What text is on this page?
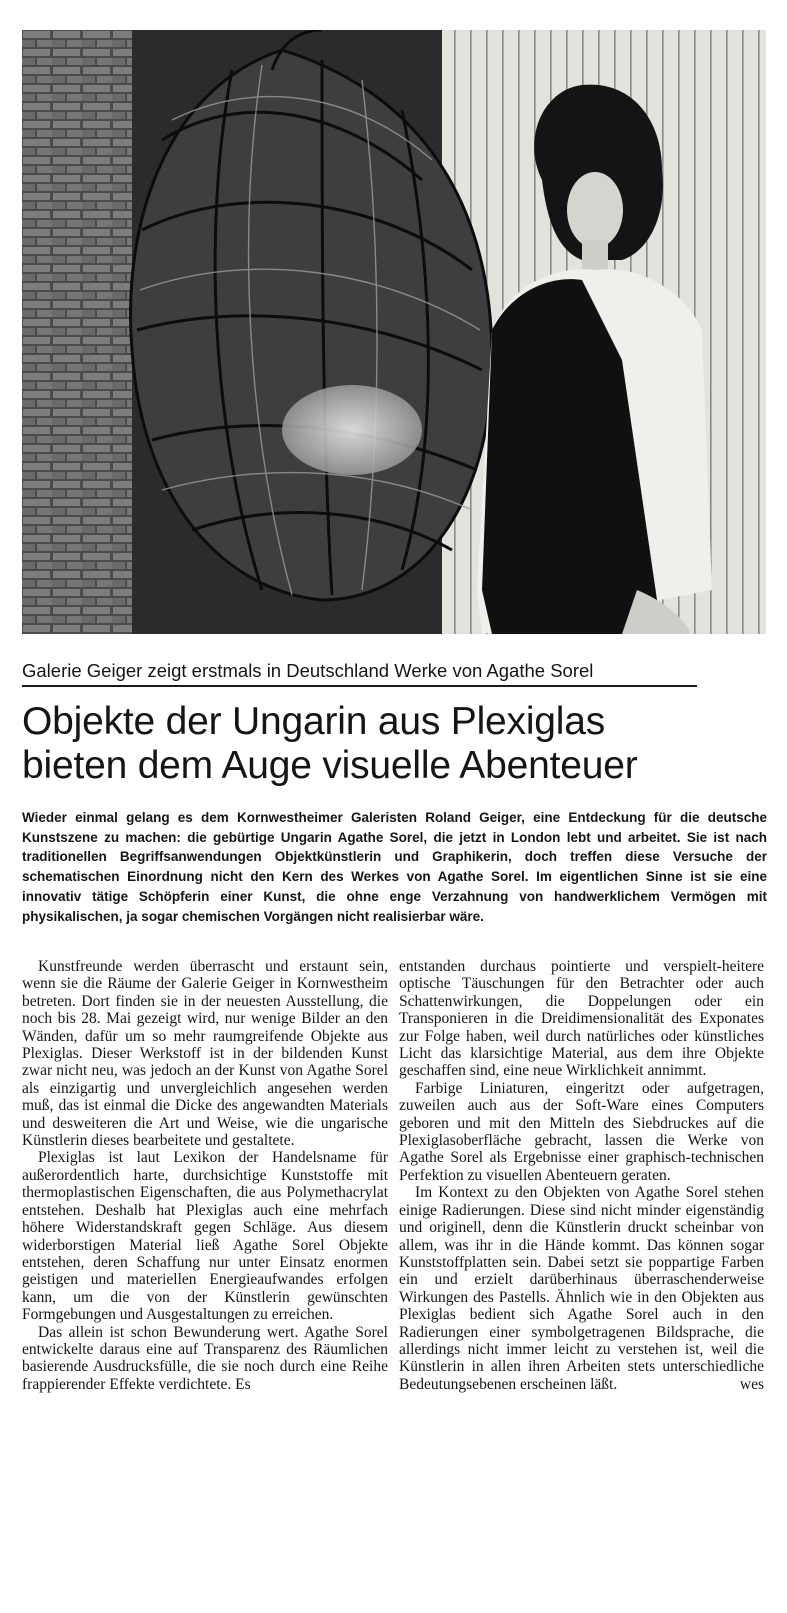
Galerie Geiger zeigt erstmals in Deutschland Werke von Agathe Sorel
Objekte der Ungarin aus Plexiglas
bieten dem Auge visuelle Abenteuer

Wieder einmal gelang es dem Kornwestheimer Galeristen Roland Geiger, eine Entdeckung für die deutsche Kunstszene zu machen: die gebürtige Ungarin Agathe Sorel, die jetzt in London lebt und arbeitet. Sie ist nach traditionellen Begriffsanwendungen Objektkünstlerin und Graphikerin, doch treffen diese Versuche der schematischen Einordnung nicht den Kern des Werkes von Agathe Sorel. Im eigentlichen Sinne ist sie eine innovativ tätige Schöpferin einer Kunst, die ohne enge Verzahnung von handwerklichem Vermögen mit physikalischen, ja sogar chemischen Vorgängen nicht realisierbar wäre.

Kunstfreunde werden überrascht und erstaunt sein, wenn sie die Räume der Galerie Geiger in Kornwestheim betreten. Dort finden sie in der neuesten Ausstellung, die noch bis 28. Mai gezeigt wird, nur wenige Bilder an den Wänden, dafür um so mehr raumgreifende Objekte aus Plexiglas. Dieser Werkstoff ist in der bildenden Kunst zwar nicht neu, was jedoch an der Kunst von Agathe Sorel als einzigartig und unvergleichlich angesehen werden muß, das ist einmal die Dicke des angewandten Materials und desweiteren die Art und Weise, wie die ungarische Künstlerin dieses bearbeitete und gestaltete.

Plexiglas ist laut Lexikon der Handelsname für außerordentlich harte, durchsichtige Kunststoffe mit thermoplastischen Eigenschaften, die aus Polymethacrylat entstehen. Deshalb hat Plexiglas auch eine mehrfach höhere Widerstandskraft gegen Schläge. Aus diesem widerborstigen Material ließ Agathe Sorel Objekte entstehen, deren Schaffung nur unter Einsatz enormen geistigen und materiellen Energieaufwandes erfolgen kann, um die von der Künstlerin gewünschten Formgebungen und Ausgestaltungen zu erreichen.

Das allein ist schon Bewunderung wert. Agathe Sorel entwickelte daraus eine auf Transparenz des Räumlichen basierende Ausdrucksfülle, die sie noch durch eine Reihe frappierender Effekte verdichtete. Es

entstanden durchaus pointierte und verspielt-heitere optische Täuschungen für den Betrachter oder auch Schattenwirkungen, die Doppelungen oder ein Transponieren in die Dreidimensionalität des Exponates zur Folge haben, weil durch natürliches oder künstliches Licht das klarsichtige Material, aus dem ihre Objekte geschaffen sind, eine neue Wirklichkeit annimmt.

Farbige Liniaturen, eingeritzt oder aufgetragen, zuweilen auch aus der Soft-Ware eines Computers geboren und mit den Mitteln des Siebdruckes auf die Plexiglasoberfläche gebracht, lassen die Werke von Agathe Sorel als Ergebnisse einer graphisch-technischen Perfektion zu visuellen Abenteuern geraten.

Im Kontext zu den Objekten von Agathe Sorel stehen einige Radierungen. Diese sind nicht minder eigenständig und originell, denn die Künstlerin druckt scheinbar von allem, was ihr in die Hände kommt. Das können sogar Kunststoffplatten sein. Dabei setzt sie poppartige Farben ein und erzielt darüberhinaus überraschenderweise Wirkungen des Pastells. Ähnlich wie in den Objekten aus Plexiglas bedient sich Agathe Sorel auch in den Radierungen einer symbolgetragenen Bildsprache, die allerdings nicht immer leicht zu verstehen ist, weil die Künstlerin in allen ihren Arbeiten stets unterschiedliche Bedeutungsebenen erscheinen läßt.	wes
